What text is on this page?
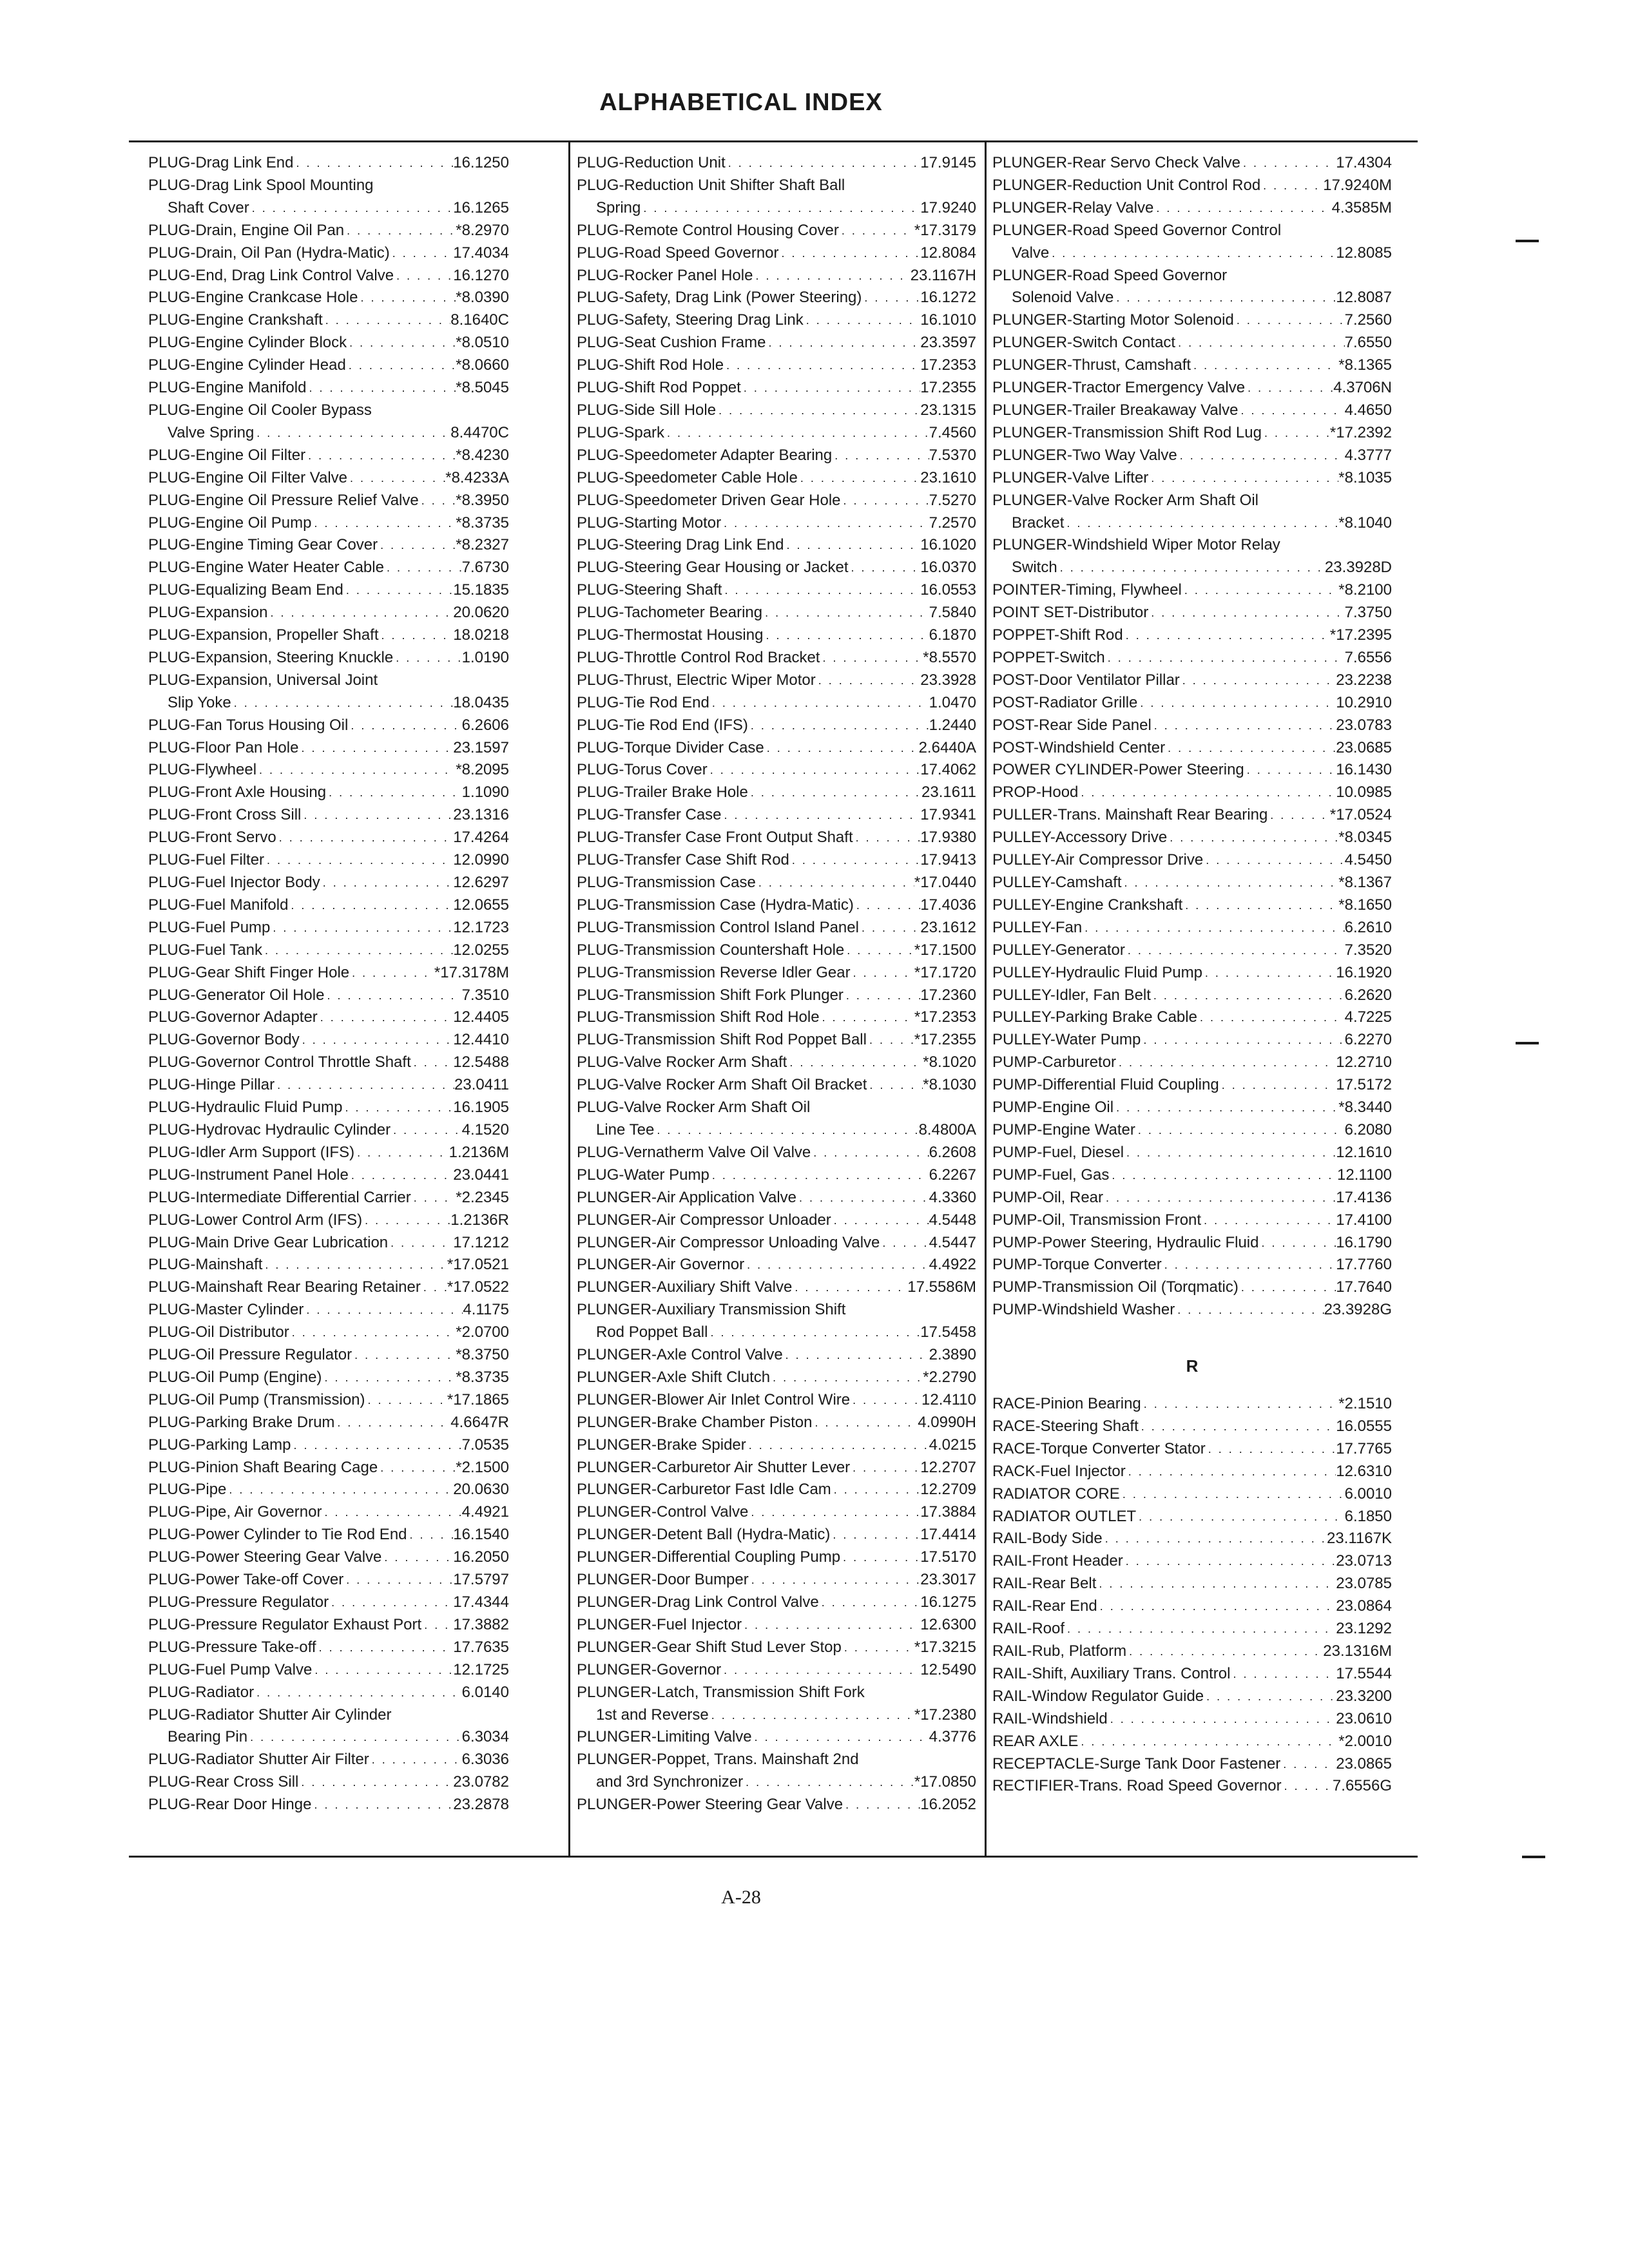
ALPHABETICAL INDEX
PLUG-Drag Link End . . .	16.1250
PLUG-Drag Link Spool Mounting
Shaft Cover . . .	16.1265
PLUG-Drain, Engine Oil Pan . . .	*8.2970
PLUG-Drain, Oil Pan (Hydra-Matic) . . .	17.4034
PLUG-End, Drag Link Control Valve . . .	16.1270
PLUG-Engine Crankcase Hole . . .	*8.0390
PLUG-Engine Crankshaft . . .	8.1640C
PLUG-Engine Cylinder Block . . .	*8.0510
PLUG-Engine Cylinder Head . . .	*8.0660
PLUG-Engine Manifold . . .	*8.5045
PLUG-Engine Oil Cooler Bypass
Valve Spring . . .	8.4470C
PLUG-Engine Oil Filter . . .	*8.4230
PLUG-Engine Oil Filter Valve . . .	*8.4233A
PLUG-Engine Oil Pressure Relief Valve . . . *8.3950
PLUG-Engine Oil Pump . . .	*8.3735
PLUG-Engine Timing Gear Cover . . .	*8.2327
PLUG-Engine Water Heater Cable . . .	7.6730
PLUG-Equalizing Beam End . . .	15.1835
PLUG-Expansion . . .	20.0620
PLUG-Expansion, Propeller Shaft . . .	18.0218
PLUG-Expansion, Steering Knuckle . . .	1.0190
PLUG-Expansion, Universal Joint
Slip Yoke . . .	18.0435
PLUG-Fan Torus Housing Oil . . .	6.2606
PLUG-Floor Pan Hole . . .	23.1597
PLUG-Flywheel . . .	*8.2095
PLUG-Front Axle Housing . . .	1.1090
PLUG-Front Cross Sill . . .	23.1316
PLUG-Front Servo . . .	17.4264
PLUG-Fuel Filter . . .	12.0990
PLUG-Fuel Injector Body . . .	12.6297
PLUG-Fuel Manifold . . .	12.0655
PLUG-Fuel Pump . . .	12.1723
PLUG-Fuel Tank . . .	12.0255
PLUG-Gear Shift Finger Hole . . .	*17.3178M
PLUG-Generator Oil Hole . . .	7.3510
PLUG-Governor Adapter . . .	12.4405
PLUG-Governor Body . . .	12.4410
PLUG-Governor Control Throttle Shaft . . .	12.5488
PLUG-Hinge Pillar . . .	23.0411
PLUG-Hydraulic Fluid Pump . . .	16.1905
PLUG-Hydrovac Hydraulic Cylinder . . .	4.1520
PLUG-Idler Arm Support (IFS) . . .	1.2136M
PLUG-Instrument Panel Hole . . .	23.0441
PLUG-Intermediate Differential Carrier . . .	*2.2345
PLUG-Lower Control Arm (IFS) . . .	1.2136R
PLUG-Main Drive Gear Lubrication . . .	17.1212
PLUG-Mainshaft . . .	*17.0521
PLUG-Mainshaft Rear Bearing Retainer . . . *17.0522
PLUG-Master Cylinder . . .	4.1175
PLUG-Oil Distributor . . .	*2.0700
PLUG-Oil Pressure Regulator . . .	*8.3750
PLUG-Oil Pump (Engine) . . .	*8.3735
PLUG-Oil Pump (Transmission) . . .	*17.1865
PLUG-Parking Brake Drum . . .	4.6647R
PLUG-Parking Lamp . . .	7.0535
PLUG-Pinion Shaft Bearing Cage . . .	*2.1500
PLUG-Pipe . . .	20.0630
PLUG-Pipe, Air Governor . . .	4.4921
PLUG-Power Cylinder to Tie Rod End . . .	16.1540
PLUG-Power Steering Gear Valve . . .	16.2050
PLUG-Power Take-off Cover . . .	17.5797
PLUG-Pressure Regulator . . .	17.4344
PLUG-Pressure Regulator Exhaust Port . . . 17.3882
PLUG-Pressure Take-off . . .	17.7635
PLUG-Fuel Pump Valve . . .	12.1725
PLUG-Radiator . . .	6.0140
PLUG-Radiator Shutter Air Cylinder
Bearing Pin . . .	6.3034
PLUG-Radiator Shutter Air Filter . . .	6.3036
PLUG-Rear Cross Sill . . .	23.0782
PLUG-Rear Door Hinge . . .	23.2878
PLUG-Reduction Unit . . .	17.9145
PLUG-Reduction Unit Shifter Shaft Ball
Spring . . .	17.9240
PLUG-Remote Control Housing Cover . . .	*17.3179
PLUG-Road Speed Governor . . .	12.8084
PLUG-Rocker Panel Hole . . .	23.1167H
PLUG-Safety, Drag Link (Power Steering) . . .	16.1272
PLUG-Safety, Steering Drag Link . . .	16.1010
PLUG-Seat Cushion Frame . . .	23.3597
PLUG-Shift Rod Hole . . .	17.2353
PLUG-Shift Rod Poppet . . .	17.2355
PLUG-Side Sill Hole . . .	23.1315
PLUG-Spark . . .	7.4560
PLUG-Speedometer Adapter Bearing . . .	7.5370
PLUG-Speedometer Cable Hole . . .	23.1610
PLUG-Speedometer Driven Gear Hole . . .	7.5270
PLUG-Starting Motor . . .	7.2570
PLUG-Steering Drag Link End . . .	16.1020
PLUG-Steering Gear Housing or Jacket . . .	16.0370
PLUG-Steering Shaft . . .	16.0553
PLUG-Tachometer Bearing . . .	7.5840
PLUG-Thermostat Housing . . .	6.1870
PLUG-Throttle Control Rod Bracket . . .	*8.5570
PLUG-Thrust, Electric Wiper Motor . . .	23.3928
PLUG-Tie Rod End . . .	1.0470
PLUG-Tie Rod End (IFS) . . .	1.2440
PLUG-Torque Divider Case . . .	2.6440A
PLUG-Torus Cover . . .	17.4062
PLUG-Trailer Brake Hole . . .	23.1611
PLUG-Transfer Case . . .	17.9341
PLUG-Transfer Case Front Output Shaft . . .	17.9380
PLUG-Transfer Case Shift Rod . . .	17.9413
PLUG-Transmission Case . . .	*17.0440
PLUG-Transmission Case (Hydra-Matic) . . .	17.4036
PLUG-Transmission Control Island Panel . . .	23.1612
PLUG-Transmission Countershaft Hole . . .	*17.1500
PLUG-Transmission Reverse Idler Gear . . .	*17.1720
PLUG-Transmission Shift Fork Plunger . . .	17.2360
PLUG-Transmission Shift Rod Hole . . .	*17.2353
PLUG-Transmission Shift Rod Poppet Ball . . .	*17.2355
PLUG-Valve Rocker Arm Shaft . . .	*8.1020
PLUG-Valve Rocker Arm Shaft Oil Bracket . . .	*8.1030
PLUG-Valve Rocker Arm Shaft Oil
Line Tee . . .	8.4800A
PLUG-Vernatherm Valve Oil Valve . . .	6.2608
PLUG-Water Pump . . .	6.2267
PLUNGER-Air Application Valve . . .	4.3360
PLUNGER-Air Compressor Unloader . . .	4.5448
PLUNGER-Air Compressor Unloading Valve . . .	4.5447
PLUNGER-Air Governor . . .	4.4922
PLUNGER-Auxiliary Shift Valve . . .	17.5586M
PLUNGER-Auxiliary Transmission Shift
Rod Poppet Ball . . .	17.5458
PLUNGER-Axle Control Valve . . .	2.3890
PLUNGER-Axle Shift Clutch . . .	*2.2790
PLUNGER-Blower Air Inlet Control Wire . . .	12.4110
PLUNGER-Brake Chamber Piston . . .	4.0990H
PLUNGER-Brake Spider . . .	4.0215
PLUNGER-Carburetor Air Shutter Lever . . .	12.2707
PLUNGER-Carburetor Fast Idle Cam . . .	12.2709
PLUNGER-Control Valve . . .	17.3884
PLUNGER-Detent Ball (Hydra-Matic) . . .	17.4414
PLUNGER-Differential Coupling Pump . . .	17.5170
PLUNGER-Door Bumper . . .	23.3017
PLUNGER-Drag Link Control Valve . . .	16.1275
PLUNGER-Fuel Injector . . .	12.6300
PLUNGER-Gear Shift Stud Lever Stop . . .	*17.3215
PLUNGER-Governor . . .	12.5490
PLUNGER-Latch, Transmission Shift Fork
1st and Reverse . . .	*17.2380
PLUNGER-Limiting Valve . . .	4.3776
PLUNGER-Poppet, Trans. Mainshaft 2nd
and 3rd Synchronizer . . .	*17.0850
PLUNGER-Power Steering Gear Valve . . .	16.2052
PLUNGER-Rear Servo Check Valve . . .	17.4304
PLUNGER-Reduction Unit Control Rod . . .	17.9240M
PLUNGER-Relay Valve . . .	4.3585M
PLUNGER-Road Speed Governor Control
Valve . . .	12.8085
PLUNGER-Road Speed Governor
Solenoid Valve . . .	12.8087
PLUNGER-Starting Motor Solenoid . . .	7.2560
PLUNGER-Switch Contact . . .	7.6550
PLUNGER-Thrust, Camshaft . . .	*8.1365
PLUNGER-Tractor Emergency Valve . . .	4.3706N
PLUNGER-Trailer Breakaway Valve . . .	4.4650
PLUNGER-Transmission Shift Rod Lug . . .	*17.2392
PLUNGER-Two Way Valve . . .	4.3777
PLUNGER-Valve Lifter . . .	*8.1035
PLUNGER-Valve Rocker Arm Shaft Oil
Bracket . . .	*8.1040
PLUNGER-Windshield Wiper Motor Relay
Switch . . .	23.3928D
POINTER-Timing, Flywheel . . .	*8.2100
POINT SET-Distributor . . .	7.3750
POPPET-Shift Rod . . .	*17.2395
POPPET-Switch . . .	7.6556
POST-Door Ventilator Pillar . . .	23.2238
POST-Radiator Grille . . .	10.2910
POST-Rear Side Panel . . .	23.0783
POST-Windshield Center . . .	23.0685
POWER CYLINDER-Power Steering . . .	16.1430
PROP-Hood . . .	10.0985
PULLER-Trans. Mainshaft Rear Bearing . . .	*17.0524
PULLEY-Accessory Drive . . .	*8.0345
PULLEY-Air Compressor Drive . . .	4.5450
PULLEY-Camshaft . . .	*8.1367
PULLEY-Engine Crankshaft . . .	*8.1650
PULLEY-Fan . . .	6.2610
PULLEY-Generator . . .	7.3520
PULLEY-Hydraulic Fluid Pump . . .	16.1920
PULLEY-Idler, Fan Belt . . .	6.2620
PULLEY-Parking Brake Cable . . .	4.7225
PULLEY-Water Pump . . .	6.2270
PUMP-Carburetor . . .	12.2710
PUMP-Differential Fluid Coupling . . .	17.5172
PUMP-Engine Oil . . .	*8.3440
PUMP-Engine Water . . .	6.2080
PUMP-Fuel, Diesel . . .	12.1610
PUMP-Fuel, Gas . . .	12.1100
PUMP-Oil, Rear . . .	17.4136
PUMP-Oil, Transmission Front . . .	17.4100
PUMP-Power Steering, Hydraulic Fluid . . .	16.1790
PUMP-Torque Converter . . .	17.7760
PUMP-Transmission Oil (Torqmatic) . . .	17.7640
PUMP-Windshield Washer . . .	23.3928G
R
RACE-Pinion Bearing . . .	*2.1510
RACE-Steering Shaft . . .	16.0555
RACE-Torque Converter Stator . . .	17.7765
RACK-Fuel Injector . . .	12.6310
RADIATOR CORE . . .	6.0010
RADIATOR OUTLET . . .	6.1850
RAIL-Body Side . . .	23.1167K
RAIL-Front Header . . .	23.0713
RAIL-Rear Belt . . .	23.0785
RAIL-Rear End . . .	23.0864
RAIL-Roof . . .	23.1292
RAIL-Rub, Platform . . .	23.1316M
RAIL-Shift, Auxiliary Trans. Control . . .	17.5544
RAIL-Window Regulator Guide . . .	23.3200
RAIL-Windshield . . .	23.0610
REAR AXLE . . .	*2.0010
RECEPTACLE-Surge Tank Door Fastener . . .	23.0865
RECTIFIER-Trans. Road Speed Governor . . .	7.6556G
A-28
